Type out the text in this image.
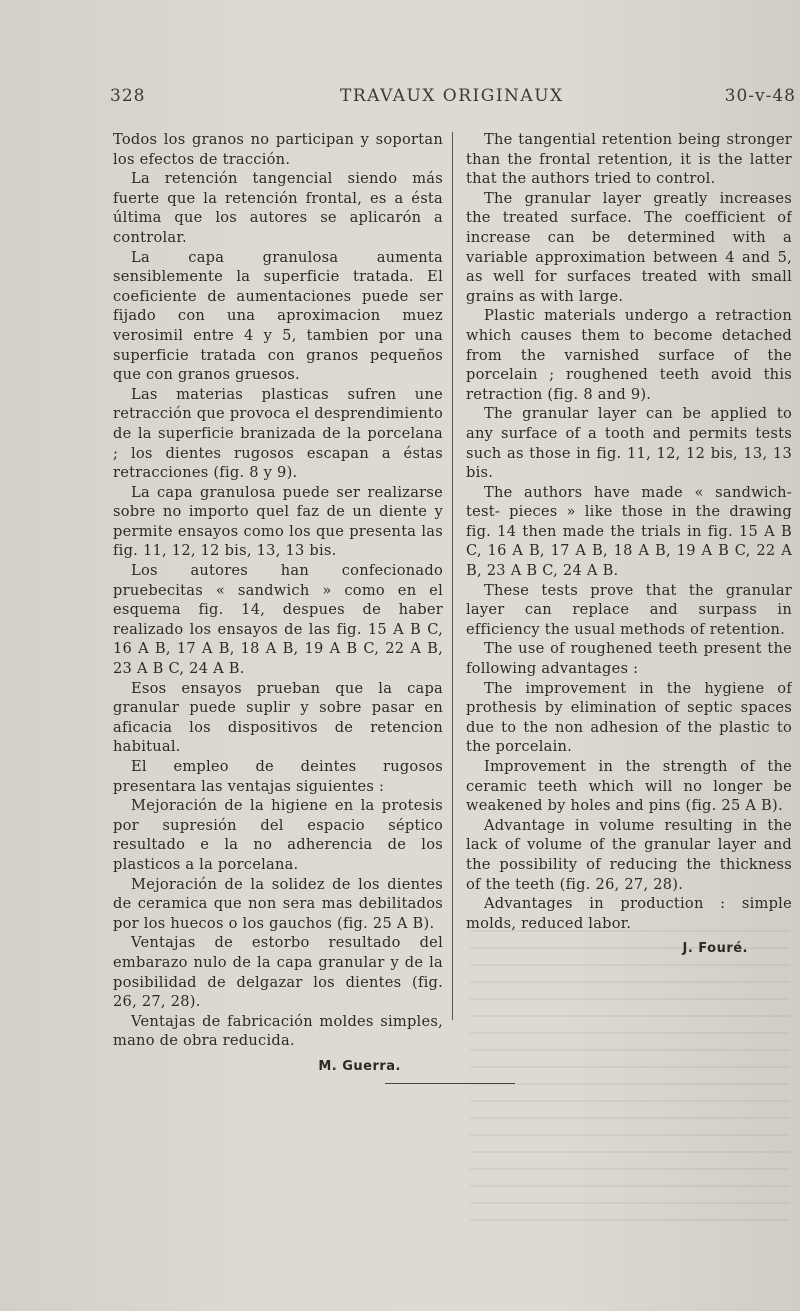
328	TRAVAUX ORIGINAUX	30-v-48

Todos los granos no participan y soportan los efectos de tracción.

La retención tangencial siendo más fuerte que la retención frontal, es a ésta última que los autores se aplicarón a controlar.

La capa granulosa aumenta sensiblemente la superficie tratada. El coeficiente de aumentaciones puede ser fijado con una aproximacion muez verosimil entre 4 y 5, tambien por una superficie tratada con granos pequeños que con granos gruesos.

Las materias plasticas sufren une retracción que provoca el desprendimiento de la superficie branizada de la porcelana ; los dientes rugosos escapan a éstas retracciones (fig. 8 y 9).

La capa granulosa puede ser realizarse sobre no importo quel faz de un diente y permite ensayos como los que presenta las fig. 11, 12, 12 bis, 13, 13 bis.

Los autores han confecionado pruebecitas « sandwich » como en el esquema fig. 14, despues de haber realizado los ensayos de las fig. 15 A B C, 16 A B, 17 A B, 18 A B, 19 A B C, 22 A B, 23 A B C, 24 A B.

Esos ensayos prueban que la capa granular puede suplir y sobre pasar en aficacia los dispositivos de retencion habitual.

El empleo de deintes rugosos presentara las ventajas siguientes :

Mejoración de la higiene en la protesis por supresión del espacio séptico resultado e la no adherencia de los plasticos a la porcelana.

Mejoración de la solidez de los dientes de ceramica que non sera mas debilitados por los huecos o los gauchos (fig. 25 A B).

Ventajas de estorbo resultado del embarazo nulo de la capa granular y de la posibilidad de delgazar los dientes (fig. 26, 27, 28).

Ventajas de fabricación moldes simples, mano de obra reducida.

M. Guerra.

The tangential retention being stronger than the frontal retention, it is the latter that the authors tried to control.

The granular layer greatly increases the treated surface. The coefficient of increase can be determined with a variable approximation between 4 and 5, as well for surfaces treated with small grains as with large.

Plastic materials undergo a retraction which causes them to become detached from the varnished surface of the porcelain ; roughened teeth avoid this retraction (fig. 8 and 9).

The granular layer can be applied to any surface of a tooth and permits tests such as those in fig. 11, 12, 12 bis, 13, 13 bis.

The authors have made « sandwich-test- pieces » like those in the drawing fig. 14 then made the trials in fig. 15 A B C, 16 A B, 17 A B, 18 A B, 19 A B C, 22 A B, 23 A B C, 24 A B.

These tests prove that the granular layer can replace and surpass in efficiency the usual methods of retention.

The use of roughened teeth present the following advantages :

The improvement in the hygiene of prothesis by elimination of septic spaces due to the non adhesion of the plastic to the porcelain.

Improvement in the strength of the ceramic teeth which will no longer be weakened by holes and pins (fig. 25 A B).

Advantage in volume resulting in the lack of volume of the granular layer and the possibility of reducing the thickness of the teeth (fig. 26, 27, 28).

Advantages in production : simple molds, reduced labor.

J. Fouré.
